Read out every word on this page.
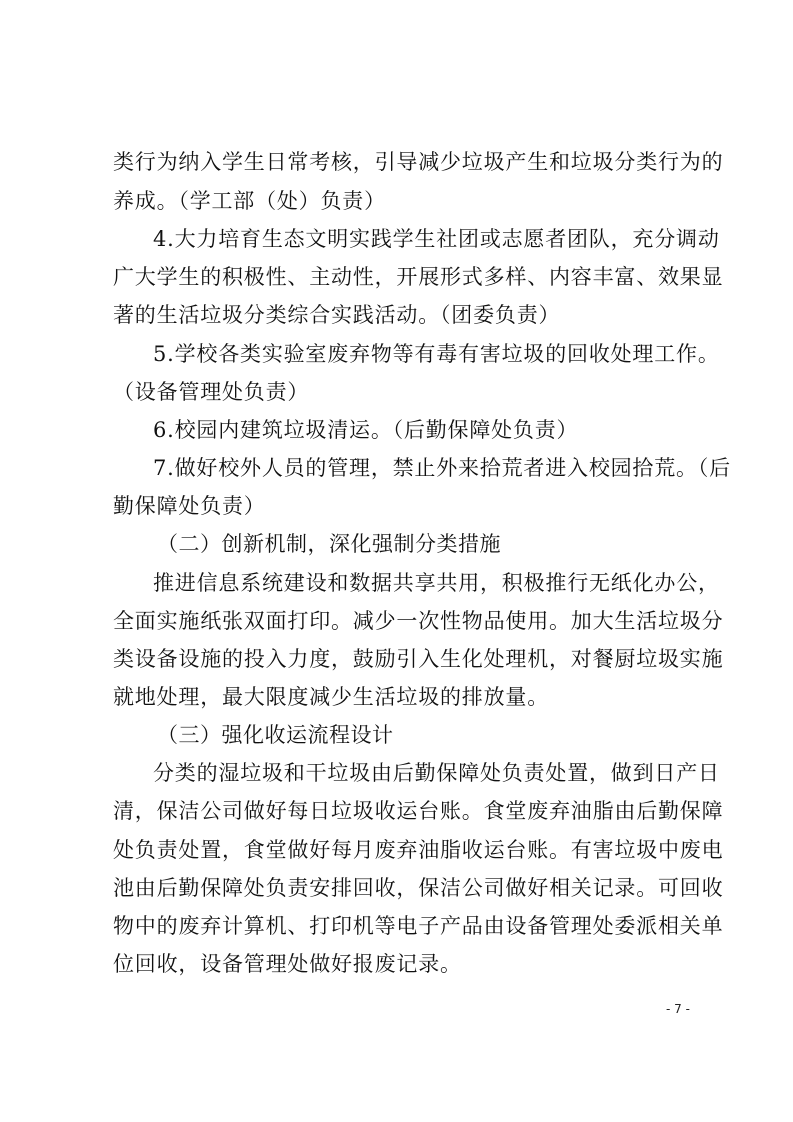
类行为纳入学生日常考核，引导减少垃圾产生和垃圾分类行为的
养成。（学工部（处）负责）
4.大力培育生态文明实践学生社团或志愿者团队，充分调动
广大学生的积极性、主动性，开展形式多样、内容丰富、效果显
著的生活垃圾分类综合实践活动。（团委负责）
5.学校各类实验室废弃物等有毒有害垃圾的回收处理工作。
（设备管理处负责）
6.校园内建筑垃圾清运。（后勤保障处负责）
7.做好校外人员的管理，禁止外来拾荒者进入校园拾荒。（后
勤保障处负责）
（二）创新机制，深化强制分类措施
推进信息系统建设和数据共享共用，积极推行无纸化办公，
全面实施纸张双面打印。减少一次性物品使用。加大生活垃圾分
类设备设施的投入力度，鼓励引入生化处理机，对餐厨垃圾实施
就地处理，最大限度减少生活垃圾的排放量。
（三）强化收运流程设计
分类的湿垃圾和干垃圾由后勤保障处负责处置，做到日产日
清，保洁公司做好每日垃圾收运台账。食堂废弃油脂由后勤保障
处负责处置，食堂做好每月废弃油脂收运台账。有害垃圾中废电
池由后勤保障处负责安排回收，保洁公司做好相关记录。可回收
物中的废弃计算机、打印机等电子产品由设备管理处委派相关单
位回收，设备管理处做好报废记录。
- 7 -
